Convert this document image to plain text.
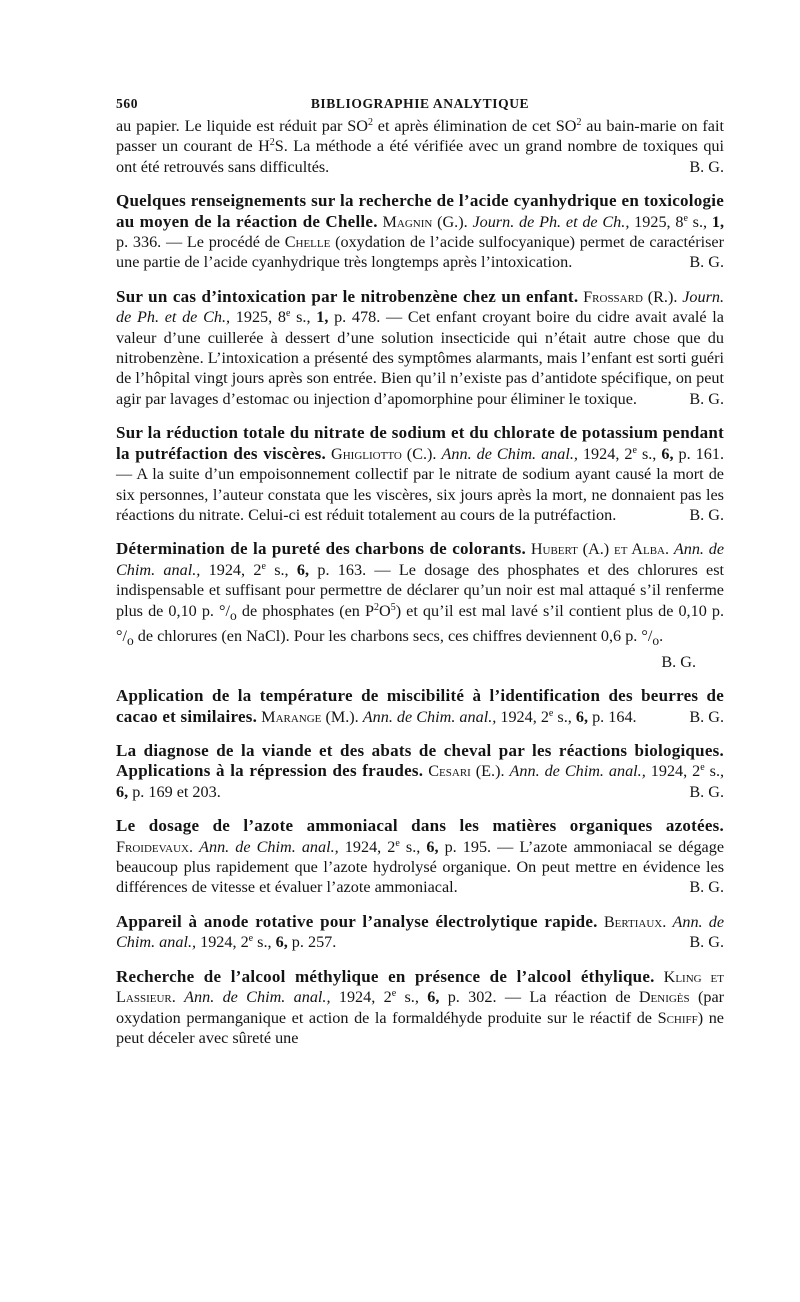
560	BIBLIOGRAPHIE ANALYTIQUE

au papier. Le liquide est réduit par $SO^2$ et après élimination de cet $SO^2$ au bain-marie on fait passer un courant de $H^2S$. La méthode a été vérifiée avec un grand nombre de toxiques qui ont été retrouvés sans difficultés.	B. G.

Quelques renseignements sur la recherche de l’acide cyanhydrique en toxicologie au moyen de la réaction de Chelle. Magnin (G.). Journ. de Ph. et de Ch., 1925, 8e s., 1, p. 336. — Le procédé de Chelle (oxydation de l’acide sulfocyanique) permet de caractériser une partie de l’acide cyanhydrique très longtemps après l’intoxication.	B. G.

Sur un cas d’intoxication par le nitrobenzène chez un enfant. Frossard (R.). Journ. de Ph. et de Ch., 1925, 8e s., 1, p. 478. — Cet enfant croyant boire du cidre avait avalé la valeur d’une cuillerée à dessert d’une solution insecticide qui n’était autre chose que du nitrobenzène. L’intoxication a présenté des symptômes alarmants, mais l’enfant est sorti guéri de l’hôpital vingt jours après son entrée. Bien qu’il n’existe pas d’antidote spécifique, on peut agir par lavages d’estomac ou injection d’apomorphine pour éliminer le toxique.	B. G.

Sur la réduction totale du nitrate de sodium et du chlorate de potassium pendant la putréfaction des viscères. Ghigliotto (C.). Ann. de Chim. anal., 1924, 2e s., 6, p. 161. — A la suite d’un empoisonnement collectif par le nitrate de sodium ayant causé la mort de six personnes, l’auteur constata que les viscères, six jours après la mort, ne donnaient pas les réactions du nitrate. Celui-ci est réduit totalement au cours de la putréfaction.	B. G.

Détermination de la pureté des charbons de colorants. Hubert (A.) et Alba. Ann. de Chim. anal., 1924, 2e s., 6, p. 163. — Le dosage des phosphates et des chlorures est indispensable et suffisant pour permettre de déclarer qu’un noir est mal attaqué s’il renferme plus de 0,10 p. $^\circ/_o$ de phosphates (en $P^2O^5$) et qu’il est mal lavé s’il contient plus de 0,10 p. $^\circ/_o$ de chlorures (en NaCl). Pour les charbons secs, ces chiffres deviennent 0,6 p. $^\circ/_o$.

B. G.

Application de la température de miscibilité à l’identification des beurres de cacao et similaires. Marange (M.). Ann. de Chim. anal., 1924, 2e s., 6, p. 164.	B. G.

La diagnose de la viande et des abats de cheval par les réactions biologiques. Applications à la répression des fraudes. Cesari (E.). Ann. de Chim. anal., 1924, 2e s., 6, p. 169 et 203.	B. G.

Le dosage de l’azote ammoniacal dans les matières organiques azotées. Froidevaux. Ann. de Chim. anal., 1924, 2e s., 6, p. 195. — L’azote ammoniacal se dégage beaucoup plus rapidement que l’azote hydrolysé organique. On peut mettre en évidence les différences de vitesse et évaluer l’azote ammoniacal.	B. G.

Appareil à anode rotative pour l’analyse électrolytique rapide. Bertiaux. Ann. de Chim. anal., 1924, 2e s., 6, p. 257.	B. G.

Recherche de l’alcool méthylique en présence de l’alcool éthylique. Kling et Lassieur. Ann. de Chim. anal., 1924, 2e s., 6, p. 302. — La réaction de Denigès (par oxydation permanganique et action de la formaldéhyde produite sur le réactif de Schiff) ne peut déceler avec sûreté une
